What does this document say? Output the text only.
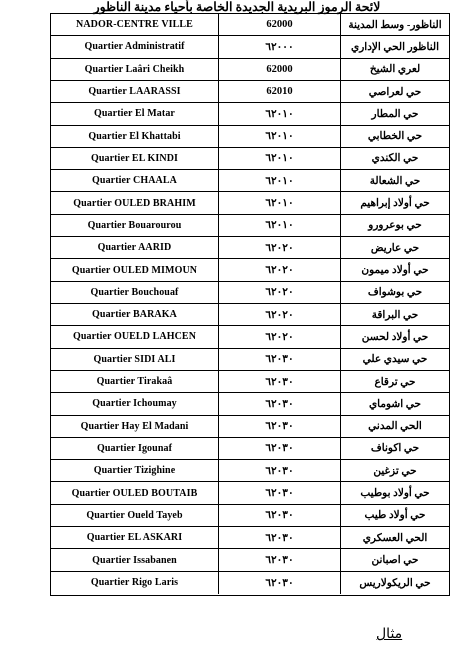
لائحة الرموز البريدية الجديدة الخاصة بأحياء مدينة الناظور
NADOR-CENTRE VILLE	62000	الناظور- وسط المدينة
Quartier Administratif	٦٢٠٠٠	الناظور الحي الإداري
Quartier Laâri Cheikh	62000	لعري الشيخ
Quartier LAARASSI	62010	حي لعراصي
Quartier El Matar	٦٢٠١٠	حي المطار
Quartier El Khattabi	٦٢٠١٠	حي الخطابي
Quartier EL KINDI	٦٢٠١٠	حي الكندي
Quartier CHAALA	٦٢٠١٠	حي الشعالة
Quartier OULED BRAHIM	٦٢٠١٠	حي أولاد إبراهيم
Quartier Bouarourou	٦٢٠١٠	حي بوعرورو
Quartier AARID	٦٢٠٢٠	حي عاريض
Quartier OULED MIMOUN	٦٢٠٢٠	حي أولاد ميمون
Quartier Bouchouaf	٦٢٠٢٠	حي بوشواف
Quartier BARAKA	٦٢٠٢٠	حي البراقة
Quartier OUELD LAHCEN	٦٢٠٢٠	حي أولاد لحسن
Quartier SIDI ALI	٦٢٠٣٠	حي سيدي علي
Quartier Tirakaâ	٦٢٠٣٠	حي ترقاع
Quartier Ichoumay	٦٢٠٣٠	حي اشوماي
Quartier Hay El Madani	٦٢٠٣٠	الحي المدني
Quartier Igounaf	٦٢٠٣٠	حي اكوناف
Quartier Tizighine	٦٢٠٣٠	حي تزغين
Quartier OULED BOUTAIB	٦٢٠٣٠	حي أولاد بوطيب
Quartier Oueld Tayeb	٦٢٠٣٠	حي أولاد طيب
Quartier EL ASKARI	٦٢٠٣٠	الحي العسكري
Quartier Issabanen	٦٢٠٣٠	حي اصبانن
Quartier Rigo Laris	٦٢٠٣٠	حي الريكولاريس
مثال
